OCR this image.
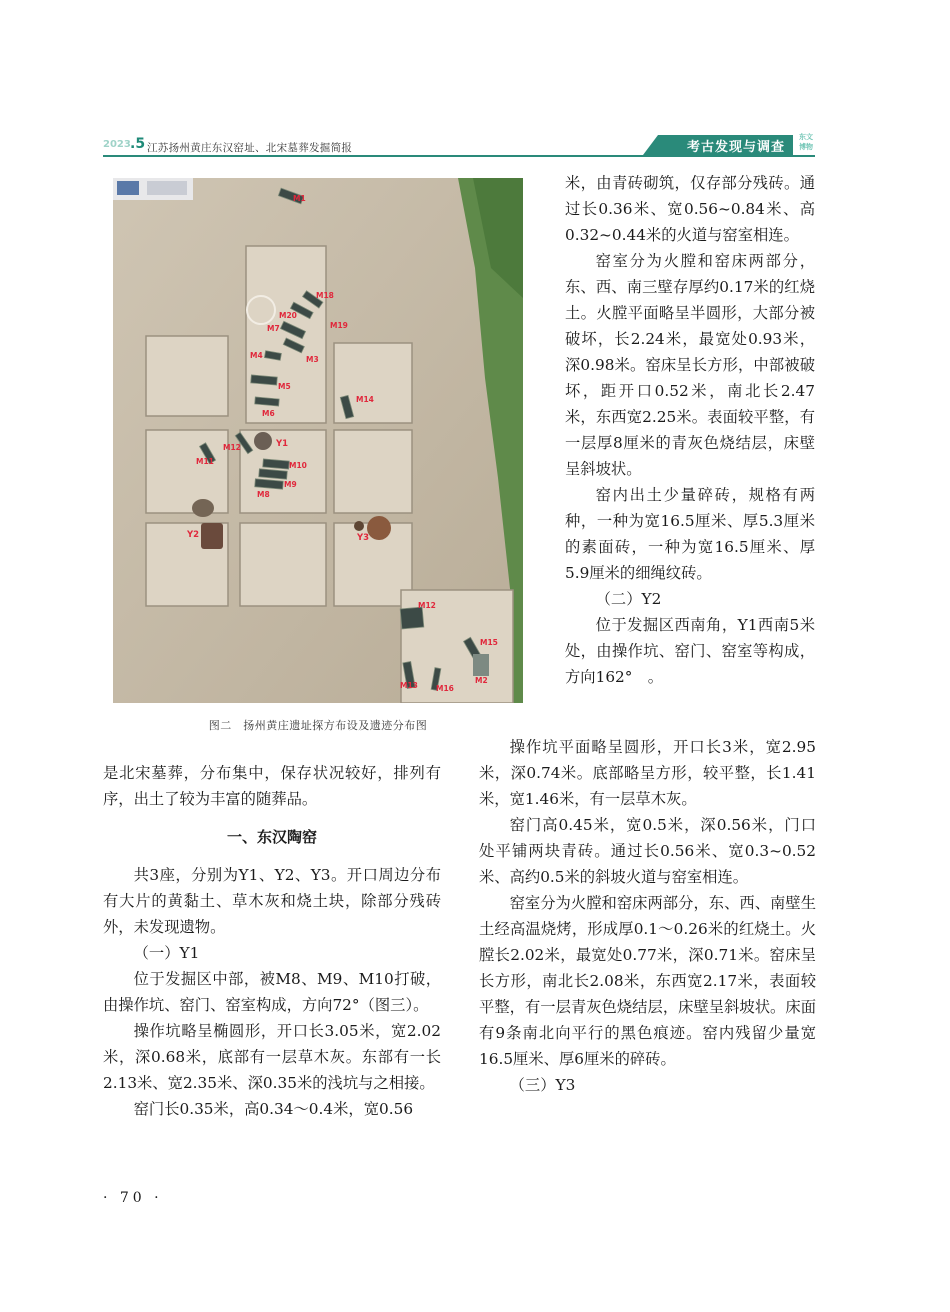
2023 .5 江苏扬州黄庄东汉窑址、北宋墓葬发掘简报	考古发现与调查
东文
博物
M1
M18
M20
M7	M19
M4	M3
M5
M6
M14
M11
M12	Y1
M10
M9
M8
Y2	Y3
M12
M15
M2
M13 M16
图二　扬州黄庄遗址探方布设及遗迹分布图

米，由青砖砌筑，仅存部分残砖。通过长0.36米、宽0.56~0.84米、高0.32~0.44米的火道与窑室相连。

窑室分为火膛和窑床两部分，东、西、南三壁存厚约0.17米的红烧土。火膛平面略呈半圆形，大部分被破坏，长2.24米，最宽处0.93米，深0.98米。窑床呈长方形，中部被破坏，距开口0.52米，南北长2.47米，东西宽2.25米。表面较平整，有一层厚8厘米的青灰色烧结层，床壁呈斜坡状。

窑内出土少量碎砖，规格有两种，一种为宽16.5厘米、厚5.3厘米的素面砖，一种为宽16.5厘米、厚5.9厘米的细绳纹砖。

（二）Y2

位于发掘区西南角，Y1西南5米处，由操作坑、窑门、窑室等构成，方向162°　。

是北宋墓葬，分布集中，保存状况较好，排列有序，出土了较为丰富的随葬品。

一、东汉陶窑

共3座，分别为Y1、Y2、Y3。开口周边分布有大片的黄黏土、草木灰和烧土块，除部分残砖外，未发现遗物。

（一）Y1

位于发掘区中部，被M8、M9、M10打破，由操作坑、窑门、窑室构成，方向72°（图三）。

操作坑略呈椭圆形，开口长3.05米，宽2.02米，深0.68米，底部有一层草木灰。东部有一长2.13米、宽2.35米、深0.35米的浅坑与之相接。

窑门长0.35米，高0.34～0.4米，宽0.56

操作坑平面略呈圆形，开口长3米，宽2.95米，深0.74米。底部略呈方形，较平整，长1.41米，宽1.46米，有一层草木灰。

窑门高0.45米，宽0.5米，深0.56米，门口处平铺两块青砖。通过长0.56米、宽0.3~0.52米、高约0.5米的斜坡火道与窑室相连。

窑室分为火膛和窑床两部分，东、西、南壁生土经高温烧烤，形成厚0.1～0.26米的红烧土。火膛长2.02米，最宽处0.77米，深0.71米。窑床呈长方形，南北长2.08米，东西宽2.17米，表面较平整，有一层青灰色烧结层，床壁呈斜坡状。床面有9条南北向平行的黑色痕迹。窑内残留少量宽16.5厘米、厚6厘米的碎砖。

（三）Y3

· 70 ·
